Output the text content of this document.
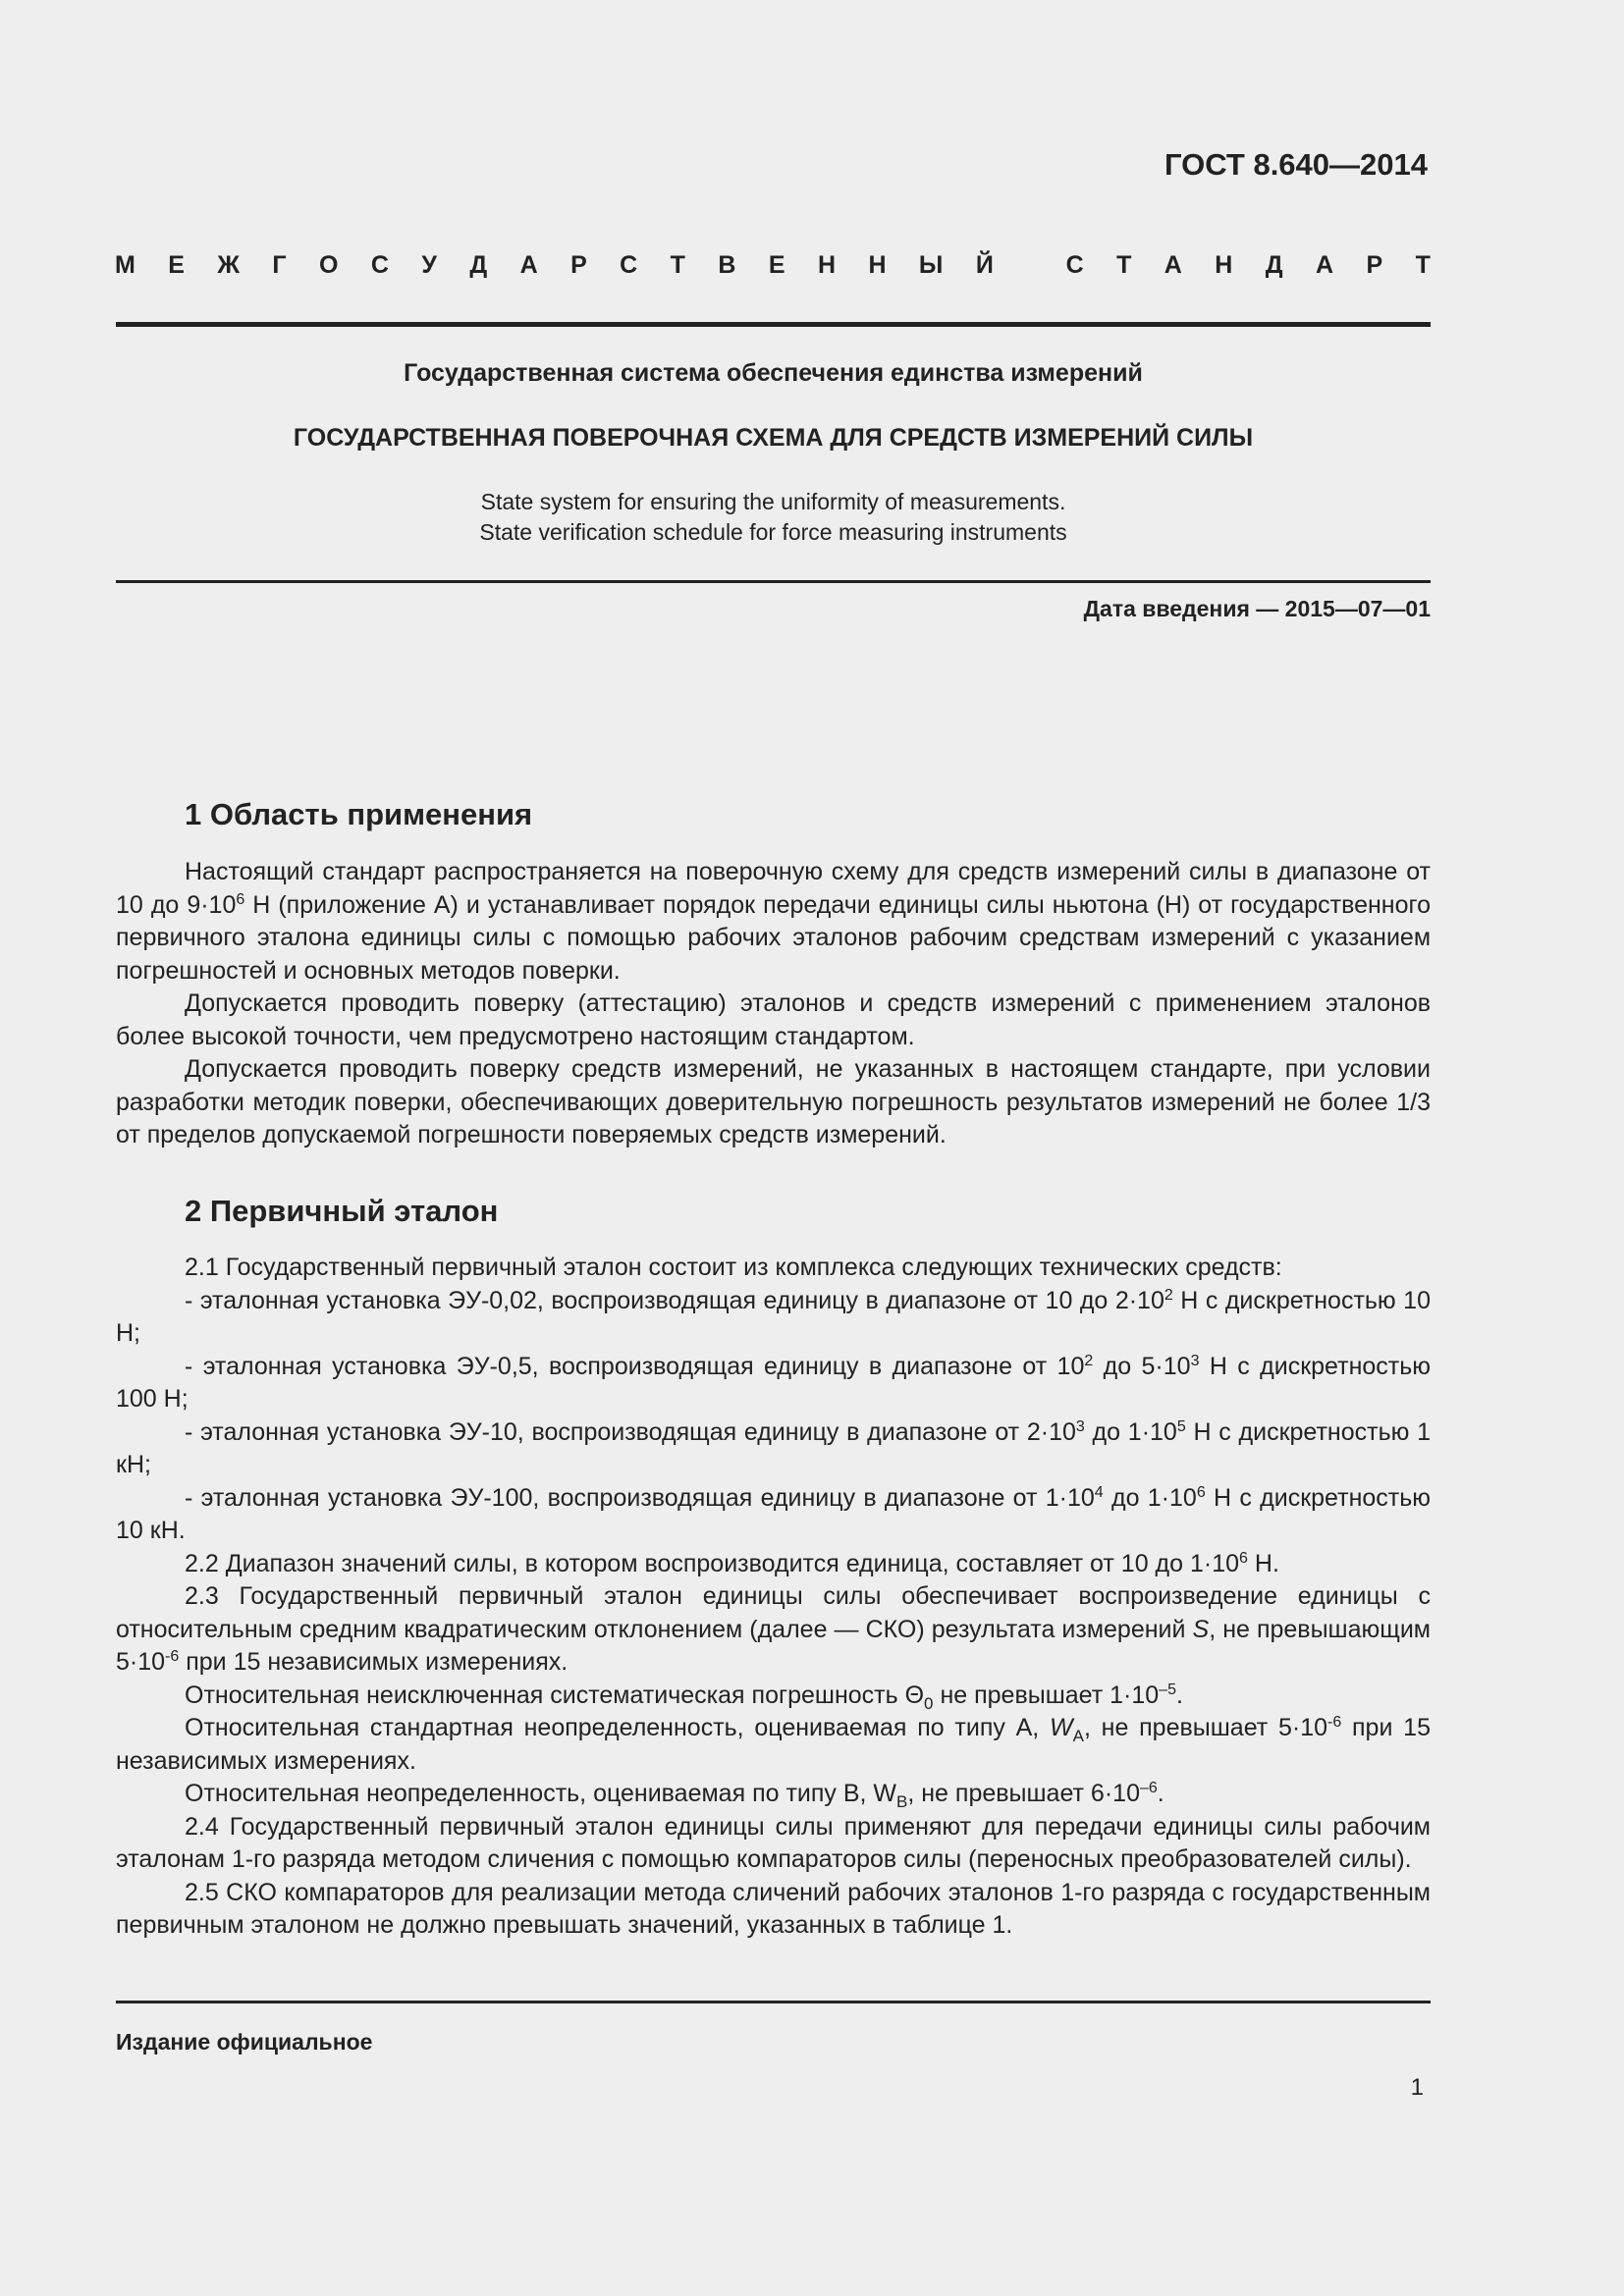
ГОСТ 8.640—2014
М Е Ж Г О С У Д А Р С Т В Е Н Н Ы Й
	С Т А Н Д А Р Т
Государственная система обеспечения единства измерений
ГОСУДАРСТВЕННАЯ ПОВЕРОЧНАЯ СХЕМА ДЛЯ СРЕДСТВ ИЗМЕРЕНИЙ СИЛЫ
State system for ensuring the uniformity of measurements.
State verification schedule for force measuring instruments
Дата введения — 2015—07—01
1 Область применения

Настоящий стандарт распространяется на поверочную схему для средств измерений силы в диапазоне от 10 до $9\cdot 10^6$ Н (приложение А) и устанавливает порядок передачи единицы силы ньютона (Н) от государственного первичного эталона единицы силы с помощью рабочих эталонов рабочим средствам измерений с указанием погрешностей и основных методов поверки.

Допускается проводить поверку (аттестацию) эталонов и средств измерений с применением эталонов более высокой точности, чем предусмотрено настоящим стандартом.

Допускается проводить поверку средств измерений, не указанных в настоящем стандарте, при условии разработки методик поверки, обеспечивающих доверительную погрешность результатов измерений не более 1/3 от пределов допускаемой погрешности поверяемых средств измерений.

2 Первичный эталон

2.1 Государственный первичный эталон состоит из комплекса следующих технических средств:

- эталонная установка ЭУ-0,02, воспроизводящая единицу в диапазоне от 10 до $2\cdot 10^2$ Н с дискретностью 10 Н;

- эталонная установка ЭУ-0,5, воспроизводящая единицу в диапазоне от $10^2$ до $5\cdot 10^3$ Н с дискретностью 100 Н;

- эталонная установка ЭУ-10, воспроизводящая единицу в диапазоне от $2\cdot 10^3$ до $1\cdot 10^5$ Н с дискретностью 1 кН;

- эталонная установка ЭУ-100, воспроизводящая единицу в диапазоне от $1\cdot 10^4$ до $1\cdot 10^6$ Н с дискретностью 10 кН.

2.2 Диапазон значений силы, в котором воспроизводится единица, составляет от 10 до $1\cdot 10^6$ Н.

2.3 Государственный первичный эталон единицы силы обеспечивает воспроизведение единицы с относительным средним квадратическим отклонением (далее — СКО) результата измерений S, не превышающим $5\cdot 10^{-6}$ при 15 независимых измерениях.

Относительная неисключенная систематическая погрешность $\Theta_0$ не превышает $1\cdot 10^{-5}$.

Относительная стандартная неопределенность, оцениваемая по типу А, $W_A$, не превышает $5\cdot 10^{-6}$ при 15 независимых измерениях.

Относительная неопределенность, оцениваемая по типу В, $W_B$, не превышает $6\cdot 10^{-6}$.

2.4 Государственный первичный эталон единицы силы применяют для передачи единицы силы рабочим эталонам 1-го разряда методом сличения с помощью компараторов силы (переносных преобразователей силы).

2.5 СКО компараторов для реализации метода сличений рабочих эталонов 1-го разряда с государственным первичным эталоном не должно превышать значений, указанных в таблице 1.

Издание официальное
1
